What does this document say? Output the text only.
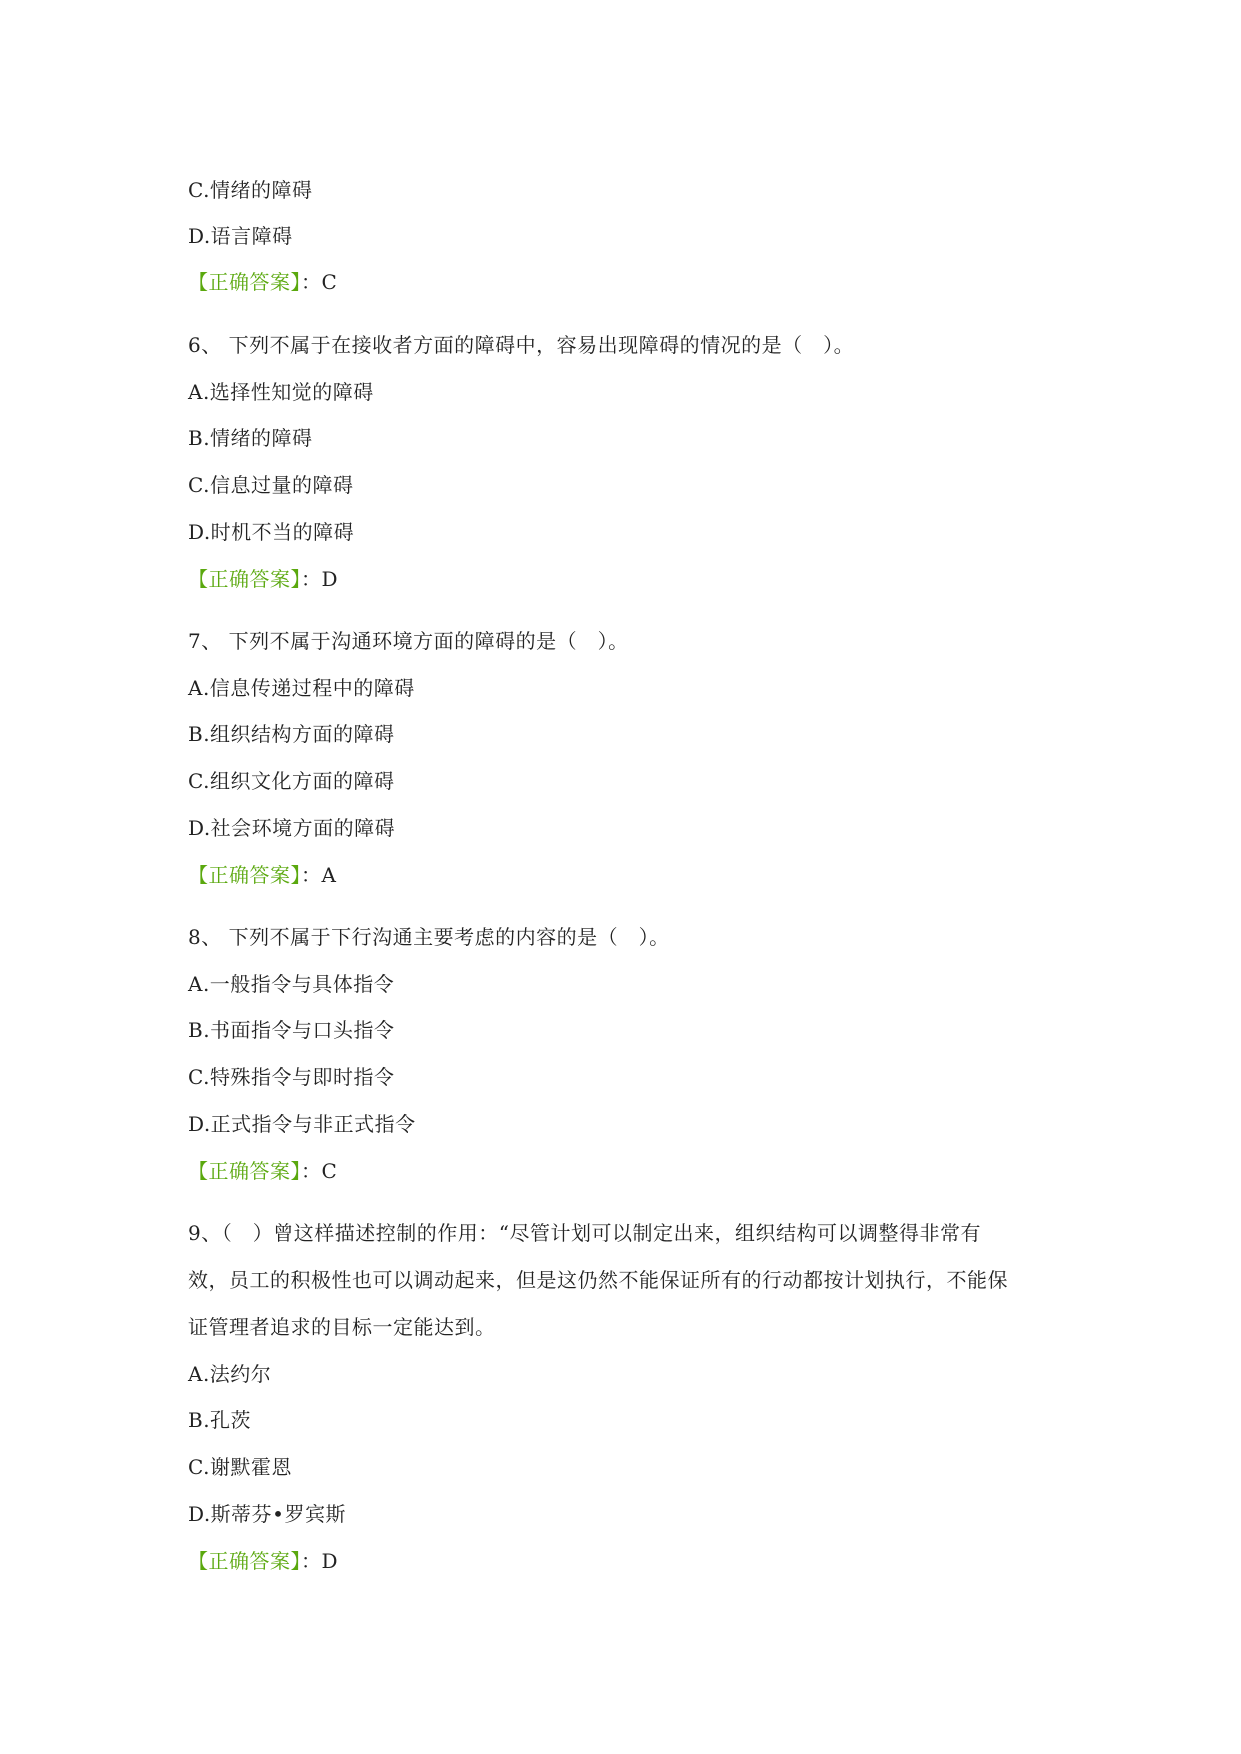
C.情绪的障碍
D.语言障碍
【正确答案】：C
6、 下列不属于在接收者方面的障碍中，容易出现障碍的情况的是（　）。
A.选择性知觉的障碍
B.情绪的障碍
C.信息过量的障碍
D.时机不当的障碍
【正确答案】：D
7、 下列不属于沟通环境方面的障碍的是（　）。
A.信息传递过程中的障碍
B.组织结构方面的障碍
C.组织文化方面的障碍
D.社会环境方面的障碍
【正确答案】：A
8、 下列不属于下行沟通主要考虑的内容的是（　）。
A.一般指令与具体指令
B.书面指令与口头指令
C.特殊指令与即时指令
D.正式指令与非正式指令
【正确答案】：C
9、（　）曾这样描述控制的作用：“尽管计划可以制定出来，组织结构可以调整得非常有
效，员工的积极性也可以调动起来，但是这仍然不能保证所有的行动都按计划执行，不能保
证管理者追求的目标一定能达到。
A.法约尔
B.孔茨
C.谢默霍恩
D.斯蒂芬•罗宾斯
【正确答案】：D
